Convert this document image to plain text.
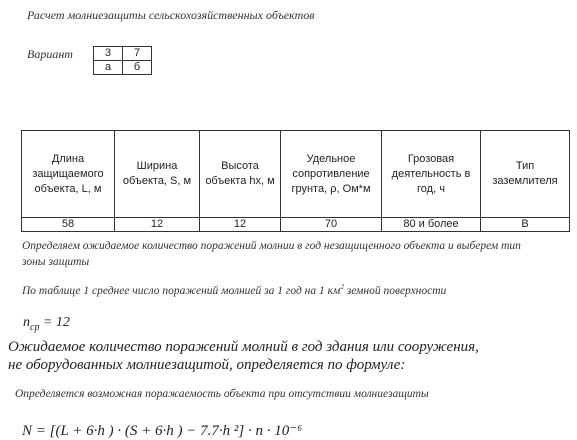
Расчет молниезащиты сельскохозяйственных объектов
Вариант	3	7
а	б
Длина защищаемого объекта, L, м	Ширина объекта, S, м	Высота объекта hx, м	Удельное сопротивление грунта, ρ, Ом*м	Грозовая деятельность в год, ч	Тип заземлителя
58	12	12	70	80 и более	В
Определяем ожидаемое количество поражений молнии в год незащищенного объекта и выберем тип зоны защиты
По таблице 1 среднее число поражений молнией за 1 год на 1 $км^2$ земной поверхности
$n_{ср} = 12$
Ожидаемое количество поражений молний в год здания или сооружения, не оборудованных молниезащитой, определяется по формуле:
Определяется возможная поражаемость объекта при отсутствии молниезащиты
N = [(L + 6·h ) · (S + 6·h ) − 7.7·h ²] · n · 10⁻⁶
